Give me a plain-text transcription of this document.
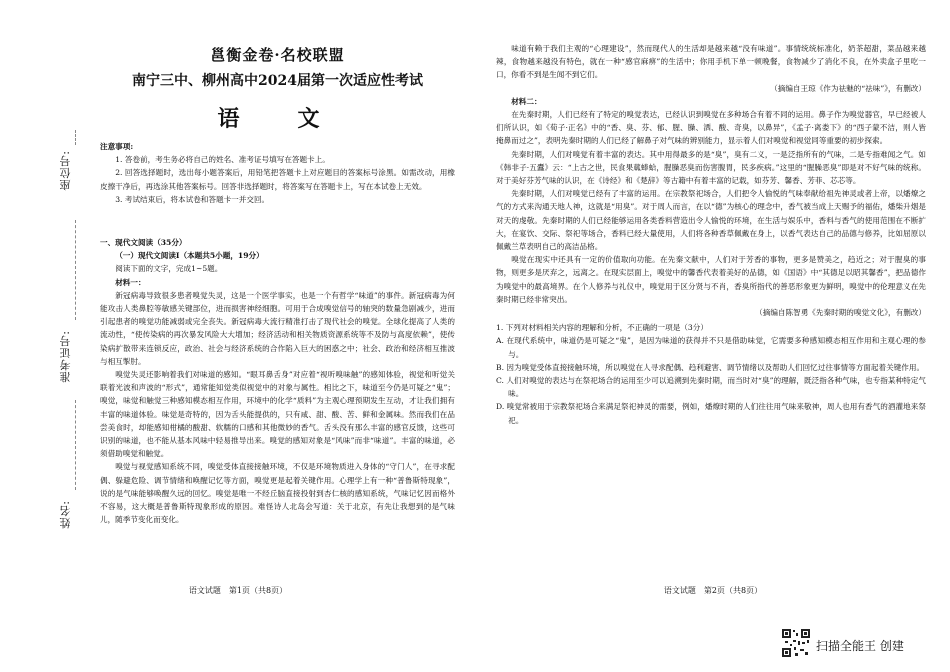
座位号:
准考证号:
姓名:
邕衡金卷·名校联盟
南宁三中、柳州高中2024届第一次适应性考试
语　文

注意事项:

1. 答卷前，考生务必将自己的姓名、准考证号填写在答题卡上。

2. 回答选择题时，选出每小题答案后，用铅笔把答题卡上对应题目的答案标号涂黑。如需改动，用橡皮擦干净后，再选涂其他答案标号。回答非选择题时，将答案写在答题卡上，写在本试卷上无效。

3. 考试结束后，将本试卷和答题卡一并交回。

一、现代文阅读（35分）

（一）现代文阅读Ⅰ（本题共5小题，19分）

阅读下面的文字，完成1~5题。

材料一：

新冠病毒导致很多患者嗅觉失灵，这是一个医学事实，也是一个有哲学“味道”的事件。新冠病毒为何能攻击人类鼻腔等敏感关键部位，进而损害神经细胞。可用于合成嗅觉信号的轴突的数量急剧减少，进而引起患者的嗅觉功能减弱或完全丧失。新冠病毒大流行精准打击了现代社会的嗅觉。全球化提高了人类的流动性，“使传染病的再次暴发风险大大增加；经济活动和相关物质资源系统等不及防与高度依赖”，使传染病扩散带来连锁反应，政治、社会与经济系统的合作陷入巨大的困惑之中；社会、政治和经济相互推波与相互掣肘。

嗅觉失灵还影响着我们对味道的感知。“眼耳鼻舌身”对应着“视听嗅味触”的感知体验，视觉和听觉关联着光波和声波的“形式”，通常能知觉类似视觉中的对象与属性。相比之下，味道至今仍是可疑之“鬼”；嗅觉，味觉和触觉三种感知模态相互作用，环境中的化学“质料”为主观心理预期发生互动，才让我们拥有丰富的味道体验。味觉是奇特的，因为舌头能提供的，只有咸、甜、酸、苦、鲜和金属味。然而我们在品尝美食时，却能感知柑橘的酸甜、软糯的口感和其他微妙的香气。舌头没有那么丰富的感官反馈，这些可识别的味道，也不能从基本风味中轻易推导出来。嗅觉的感知对象是“风味”而非“味道”。丰富的味道，必须借助嗅觉和触觉。

嗅觉与视觉感知系统不同，嗅觉受体直接接触环境，不仅是环境物质进入身体的“守门人”，在寻求配偶、躲避危险、调节情绪和唤醒记忆等方面，嗅觉更是起着关键作用。心理学上有一种“普鲁斯特现象”，说的是气味能够唤醒久远的回忆。嗅觉是唯一不经丘脑直接投射到杏仁核的感知系统，气味记忆因而格外不容易，这大概是普鲁斯特现象形成的原因。难怪诗人北岛会写道：关于北京，有先让我想到的是气味儿，随季节变化而变化。

语文试题　第1页（共8页）

味道有赖于我们主观的“心理建设”，然而现代人的生活却是越来越“没有味道”。事情统统标准化，奶茶超甜，菜品越来越辣，食物越来越没有特色，就在一种“感官麻痹”的生活中；你用手机下单一顿晚餐，食物减少了消化不良，在外卖盒子里吃一口，你看不到是生闻不到它们。

（摘编自王琼《作为祛魅的“祛味”》，有删改）

材料二：

在先秦时期，人们已经有了特定的嗅觉表达，已经认识到嗅觉在多种场合有着不同的运用。鼻子作为嗅觉器官，早已经被人们所认识，如《荀子·正名》中的“香、臭、芬、郁、腥、臊、洒、酸、奇臭，以鼻异”，《孟子·离娄下》的“西子蒙不洁，则人皆掩鼻而过之”，表明先秦时期的人们已经了解鼻子对气味的辨别能力，显示着人们对嗅觉和视觉同等重要的初步探索。

先秦时期，人们对嗅觉有着丰富的表达。其中用得最多的是“臭”，臭有二义，一是泛指所有的气味，二是专指难闻之气。如《韩非子·五蠹》云：“上古之世，民食果蓏蜯蛤，腥臊恶臭而伤害腹胃，民多疾病。”这里的“腥臊恶臭”即是对不好气味的统称。对于美好芬芳气味的认识，在《诗经》和《楚辞》等古籍中有着丰富的记载，如芬芳、馨香、芳菲、芯芯等。

先秦时期，人们对嗅觉已经有了丰富的运用。在宗教祭祀场合，人们把令人愉悦的气味奉献给祖先神灵或者上帝，以燔燎之气的方式来沟通天地人神，这就是“用臭”。对于周人而言，在以“德”为核心的理念中，香气被当成上天赐予的福佑，燔柴升烟是对天的虔敬。先秦时期的人们已经能够运用各类香料营造出令人愉悦的环境，在生活与娱乐中，香料与香气的使用范围在不断扩大，在宴饮、交际、祭祀等场合，香料已经大量使用，人们将各种香草佩戴在身上，以香气表达自己的品德与修养，比如屈原以佩戴兰草表明自己的高洁品格。

嗅觉在现实中还具有一定的价值取向功能。在先秦文献中，人们对于芳香的事物，更多是赞美之，趋近之；对于腥臭的事物，则更多是厌弃之，远离之。在现实层面上，嗅觉中的馨香代表着美好的品德，如《国语》中“其德足以昭其馨香”，把品德作为嗅觉中的最高境界。在个人修养与礼仪中，嗅觉用于区分贤与不肖，香臭所指代的善恶形象更为鲜明，嗅觉中的伦理意义在先秦时期已经非常突出。

（摘编自陈智勇《先秦时期的嗅觉文化》，有删改）

1. 下列对材料相关内容的理解和分析，不正确的一项是（3分）

A. 在现代系统中，味道仍是可疑之“鬼”，是因为味道的获得并不只是借助味觉，它需要多种感知模态相互作用和主观心理的参与。

B. 因为嗅觉受体直接接触环境，所以嗅觉在人寻求配偶、趋利避害、调节情绪以及帮助人们回忆过往事情等方面起着关键作用。

C. 人们对嗅觉的表达与在祭祀场合的运用至少可以追溯到先秦时期，而当时对“臭”的理解，既泛指各种气味，也专指某种特定气味。

D. 嗅觉常被用于宗教祭祀场合来满足祭祀神灵的需要，例如，燔燎时期的人们往往用气味来敬神，周人也用有香气的酒灌地来祭祀。

语文试题　第2页（共8页）
扫描全能王 创建
